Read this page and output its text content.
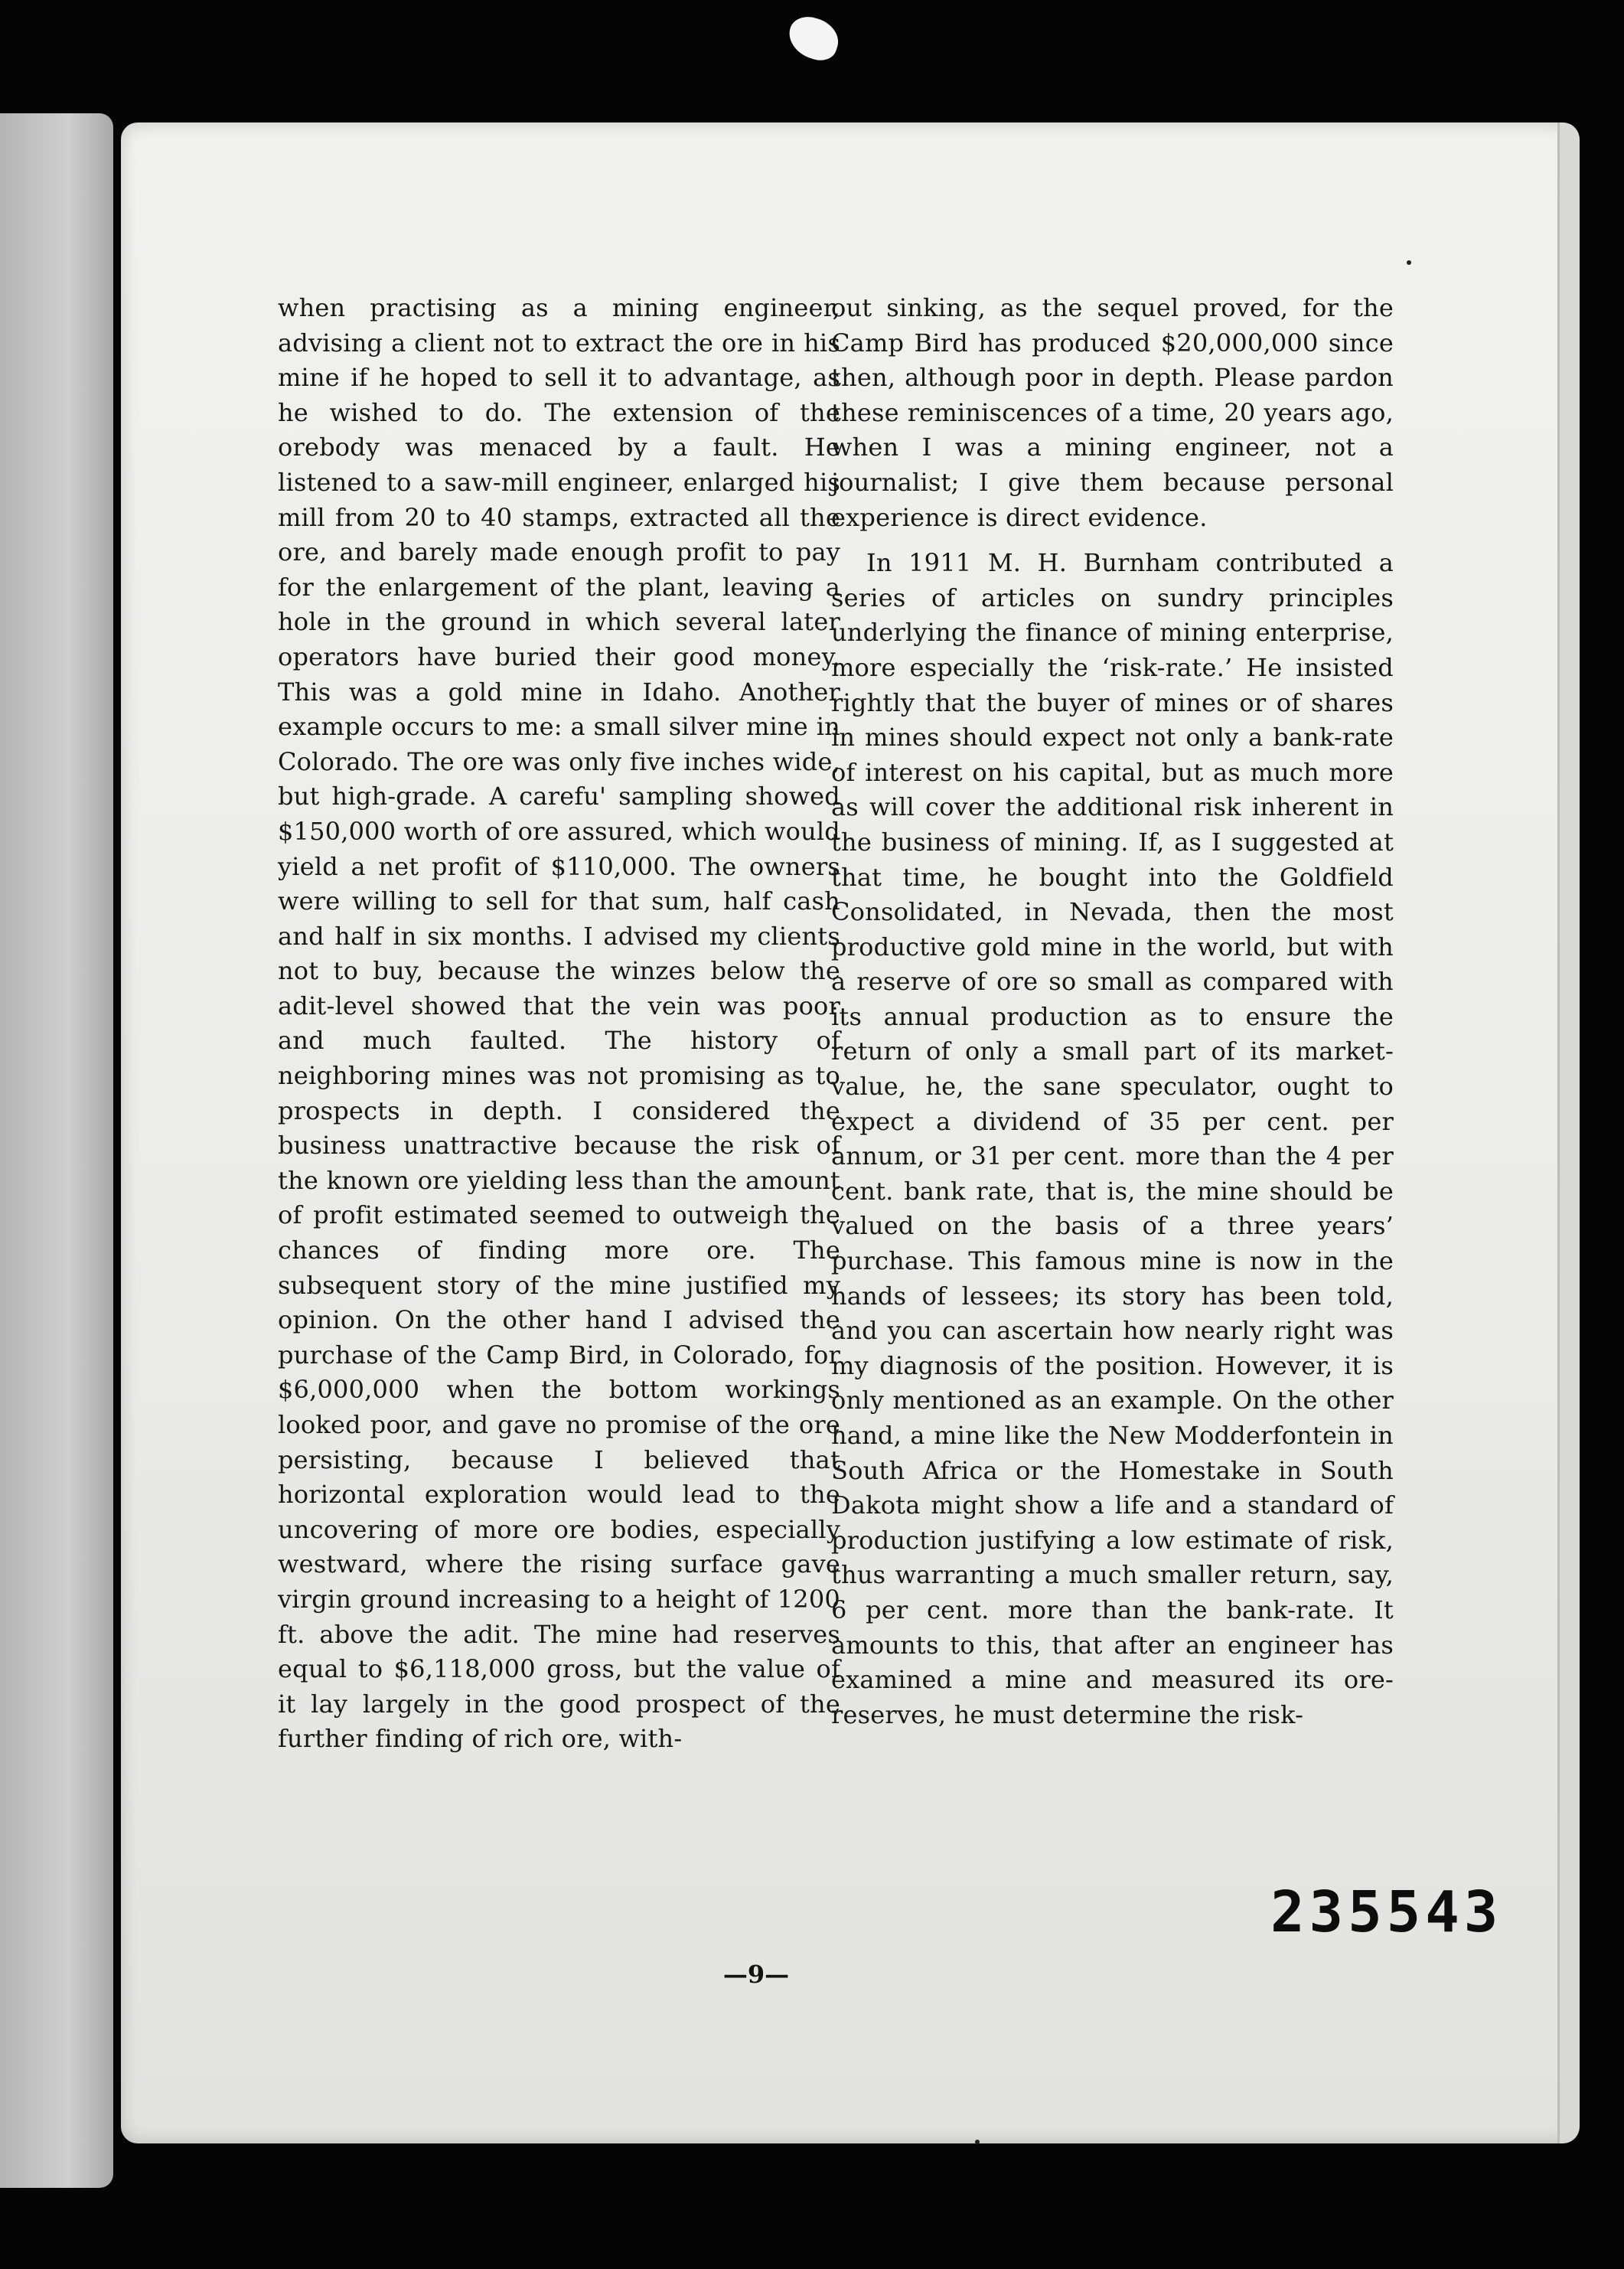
when practising as a mining engineer, advising a client not to extract the ore in his mine if he hoped to sell it to advantage, as he wished to do. The extension of the orebody was menaced by a fault. He listened to a saw-mill engineer, enlarged his mill from 20 to 40 stamps, extracted all the ore, and barely made enough profit to pay for the enlargement of the plant, leaving a hole in the ground in which several later operators have buried their good money. This was a gold mine in Idaho. Another example occurs to me: a small silver mine in Colorado. The ore was only five inches wide, but high-grade. A carefu' sampling showed $150,000 worth of ore assured, which would yield a net profit of $110,000. The owners were willing to sell for that sum, half cash and half in six months. I advised my clients not to buy, because the winzes below the adit-level showed that the vein was poor and much faulted. The history of neighboring mines was not promising as to prospects in depth. I considered the business unattractive because the risk of the known ore yielding less than the amount of profit estimated seemed to outweigh the chances of finding more ore. The subsequent story of the mine justified my opinion. On the other hand I advised the purchase of the Camp Bird, in Colorado, for $6,000,000 when the bottom workings looked poor, and gave no promise of the ore persisting, because I believed that horizontal exploration would lead to the uncovering of more ore bodies, especially westward, where the rising surface gave virgin ground increasing to a height of 1200 ft. above the adit. The mine had reserves equal to $6,118,000 gross, but the value of it lay largely in the good prospect of the further finding of rich ore, with-

out sinking, as the sequel proved, for the Camp Bird has produced $20,000,000 since then, although poor in depth. Please pardon these reminiscences of a time, 20 years ago, when I was a mining engineer, not a journalist; I give them because personal experience is direct evidence.

In 1911 M. H. Burnham contributed a series of articles on sundry principles underlying the finance of mining enterprise, more especially the ‘risk-rate.’ He insisted rightly that the buyer of mines or of shares in mines should expect not only a bank-rate of interest on his capital, but as much more as will cover the additional risk inherent in the business of mining. If, as I suggested at that time, he bought into the Goldfield Consolidated, in Nevada, then the most productive gold mine in the world, but with a reserve of ore so small as compared with its annual production as to ensure the return of only a small part of its market-value, he, the sane speculator, ought to expect a dividend of 35 per cent. per annum, or 31 per cent. more than the 4 per cent. bank rate, that is, the mine should be valued on the basis of a three years’ purchase. This famous mine is now in the hands of lessees; its story has been told, and you can ascertain how nearly right was my diagnosis of the position. However, it is only mentioned as an example. On the other hand, a mine like the New Modderfontein in South Africa or the Homestake in South Dakota might show a life and a standard of production justifying a low estimate of risk, thus warranting a much smaller return, say, 6 per cent. more than the bank-rate. It amounts to this, that after an engineer has examined a mine and measured its ore-reserves, he must determine the risk-

—9—
235543
